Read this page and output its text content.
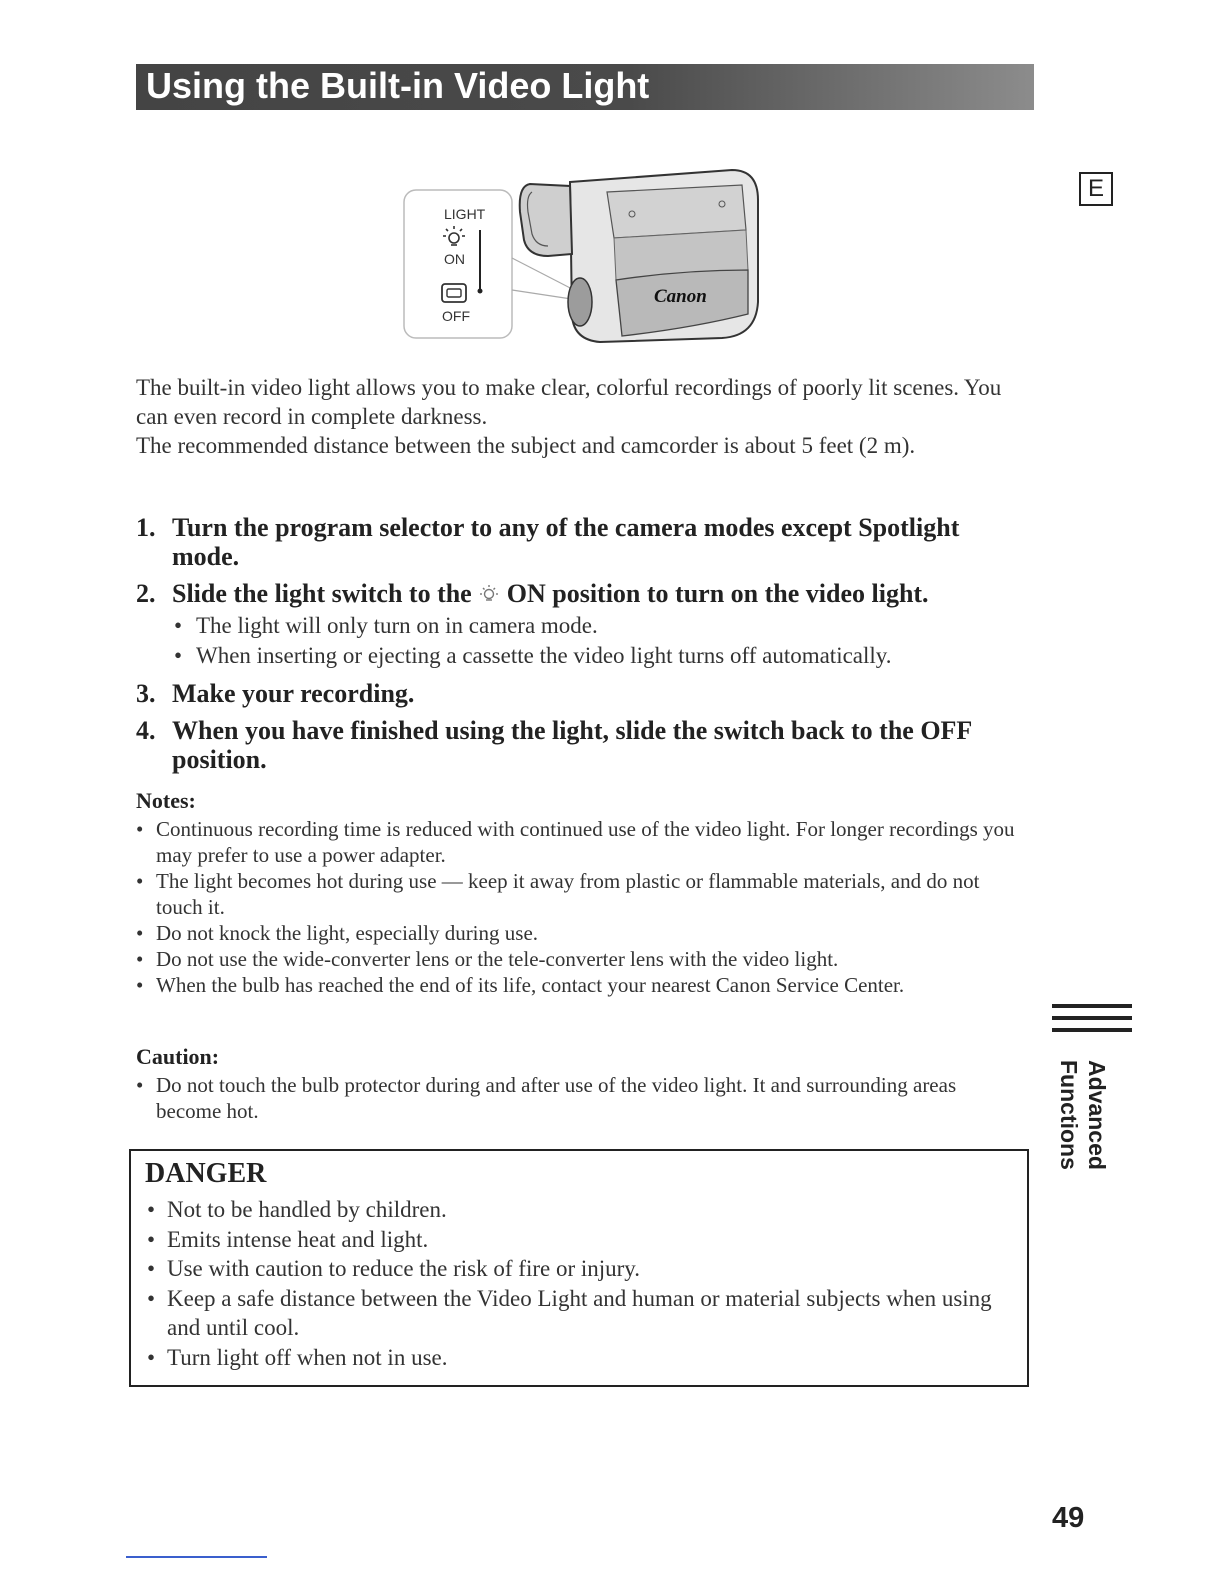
Using the Built-in Video Light
E
Canon
LIGHT
ON
OFF

The built-in video light allows you to make clear, colorful recordings of poorly lit scenes. You can even record in complete darkness.

The recommended distance between the subject and camcorder is about 5 feet (2 m).

1. Turn the program selector to any of the camera modes except Spotlight mode.
2. Slide the light switch to the ON position to turn on the video light.
• The light will only turn on in camera mode.
• When inserting or ejecting a cassette the video light turns off automatically.
3. Make your recording.
4. When you have finished using the light, slide the switch back to the OFF position.
Notes:
• Continuous recording time is reduced with continued use of the video light. For longer recordings you may prefer to use a power adapter.
• The light becomes hot during use — keep it away from plastic or flammable materials, and do not touch it.
• Do not knock the light, especially during use.
• Do not use the wide-converter lens or the tele-converter lens with the video light.
• When the bulb has reached the end of its life, contact your nearest Canon Service Center.
Caution:
• Do not touch the bulb protector during and after use of the video light. It and surrounding areas become hot.
DANGER
• Not to be handled by children.
• Emits intense heat and light.
• Use with caution to reduce the risk of fire or injury.
• Keep a safe distance between the Video Light and human or material subjects when using and until cool.
• Turn light off when not in use.
Advanced
Functions
49
